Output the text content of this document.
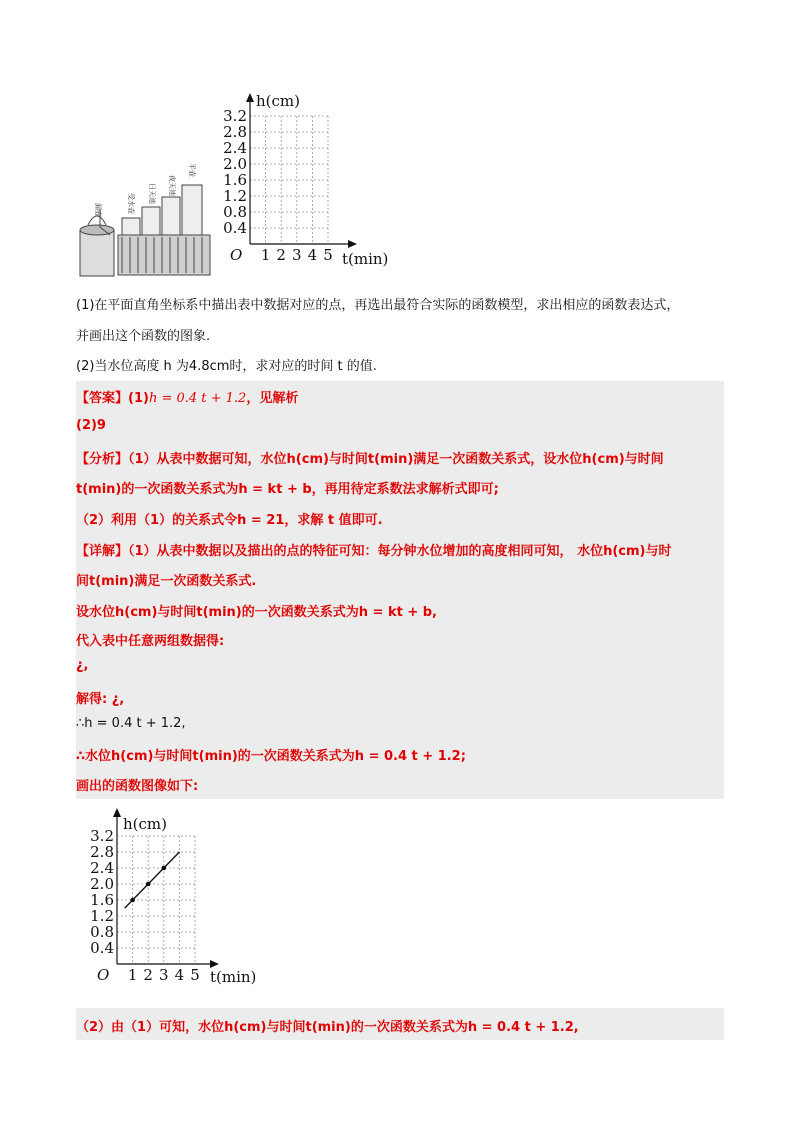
漏壶	受水壶 日天池 夜天池
平壶
h(cm)
t(min)
O
0.4
0.8
1.2
1.6
2.0
2.4
2.8
3.2
1 2 3 4 5
(1)在平面直角坐标系中描出表中数据对应的点，再选出最符合实际的函数模型，求出相应的函数表达式，
并画出这个函数的图象.
(2)当水位高度 h 为4.8cm时，求对应的时间 t 的值.
【答案】(1)h = 0.4 t + 1.2，见解析
(2)9
【分析】（1）从表中数据可知，水位h(cm)与时间t(min)满足一次函数关系式，设水位h(cm)与时间
t(min)的一次函数关系式为h = kt + b，再用待定系数法求解析式即可;
（2）利用（1）的关系式令h = 21，求解 t 值即可.
【详解】（1）从表中数据以及描出的点的特征可知：每分钟水位增加的高度相同可知， 水位h(cm)与时
间t(min)满足一次函数关系式.
设水位h(cm)与时间t(min)的一次函数关系式为h = kt + b,
代入表中任意两组数据得:
¿,
解得: ¿,
∴h = 0.4 t + 1.2,
∴水位h(cm)与时间t(min)的一次函数关系式为h = 0.4 t + 1.2;
画出的函数图像如下:
h(cm)
t(min)
O
0.4
0.8
1.2
1.6
2.0
2.4
2.8
3.2
1 2 3 4 5
（2）由（1）可知，水位h(cm)与时间t(min)的一次函数关系式为h = 0.4 t + 1.2,
